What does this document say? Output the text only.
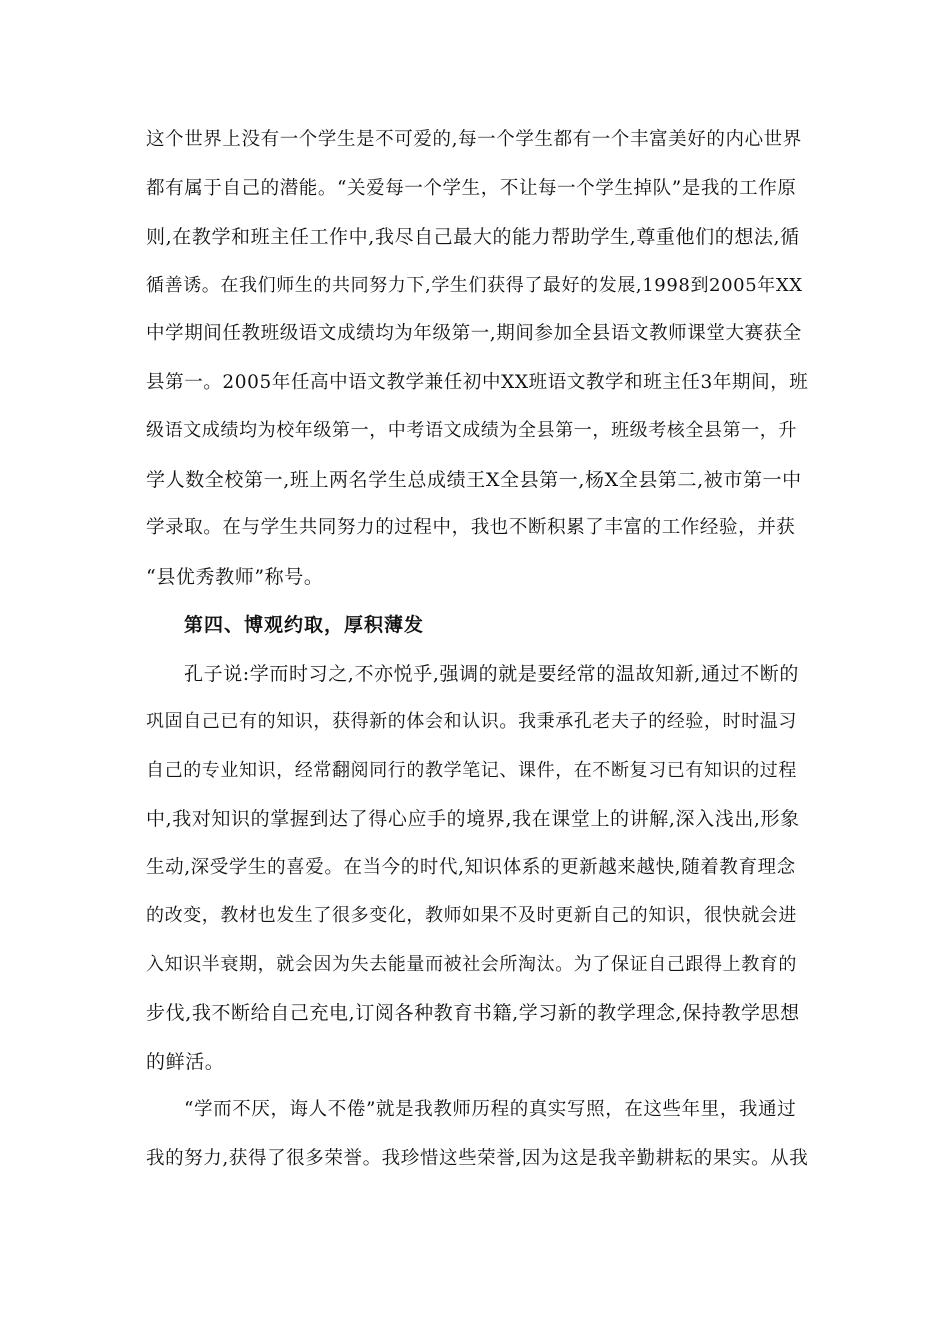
这个世界上没有一个学生是不可爱的,每一个学生都有一个丰富美好的内心世界
都有属于自己的潜能。“关爱每一个学生，不让每一个学生掉队”是我的工作原
则,在教学和班主任工作中,我尽自己最大的能力帮助学生,尊重他们的想法,循
循善诱。在我们师生的共同努力下,学生们获得了最好的发展,1998到2005年XX
中学期间任教班级语文成绩均为年级第一,期间参加全县语文教师课堂大赛获全
县第一。2005年任高中语文教学兼任初中XX班语文教学和班主任3年期间，班
级语文成绩均为校年级第一，中考语文成绩为全县第一，班级考核全县第一，升
学人数全校第一,班上两名学生总成绩王X全县第一,杨X全县第二,被市第一中
学录取。在与学生共同努力的过程中，我也不断积累了丰富的工作经验，并获
“县优秀教师”称号。
第四、博观约取，厚积薄发
孔子说:学而时习之,不亦悦乎,强调的就是要经常的温故知新,通过不断的
巩固自己已有的知识，获得新的体会和认识。我秉承孔老夫子的经验，时时温习
自己的专业知识，经常翻阅同行的教学笔记、课件，在不断复习已有知识的过程
中,我对知识的掌握到达了得心应手的境界,我在课堂上的讲解,深入浅出,形象
生动,深受学生的喜爱。在当今的时代,知识体系的更新越来越快,随着教育理念
的改变，教材也发生了很多变化，教师如果不及时更新自己的知识，很快就会进
入知识半衰期，就会因为失去能量而被社会所淘汰。为了保证自己跟得上教育的
步伐,我不断给自己充电,订阅各种教育书籍,学习新的教学理念,保持教学思想
的鲜活。
“学而不厌，诲人不倦”就是我教师历程的真实写照，在这些年里，我通过
我的努力,获得了很多荣誉。我珍惜这些荣誉,因为这是我辛勤耕耘的果实。从我
